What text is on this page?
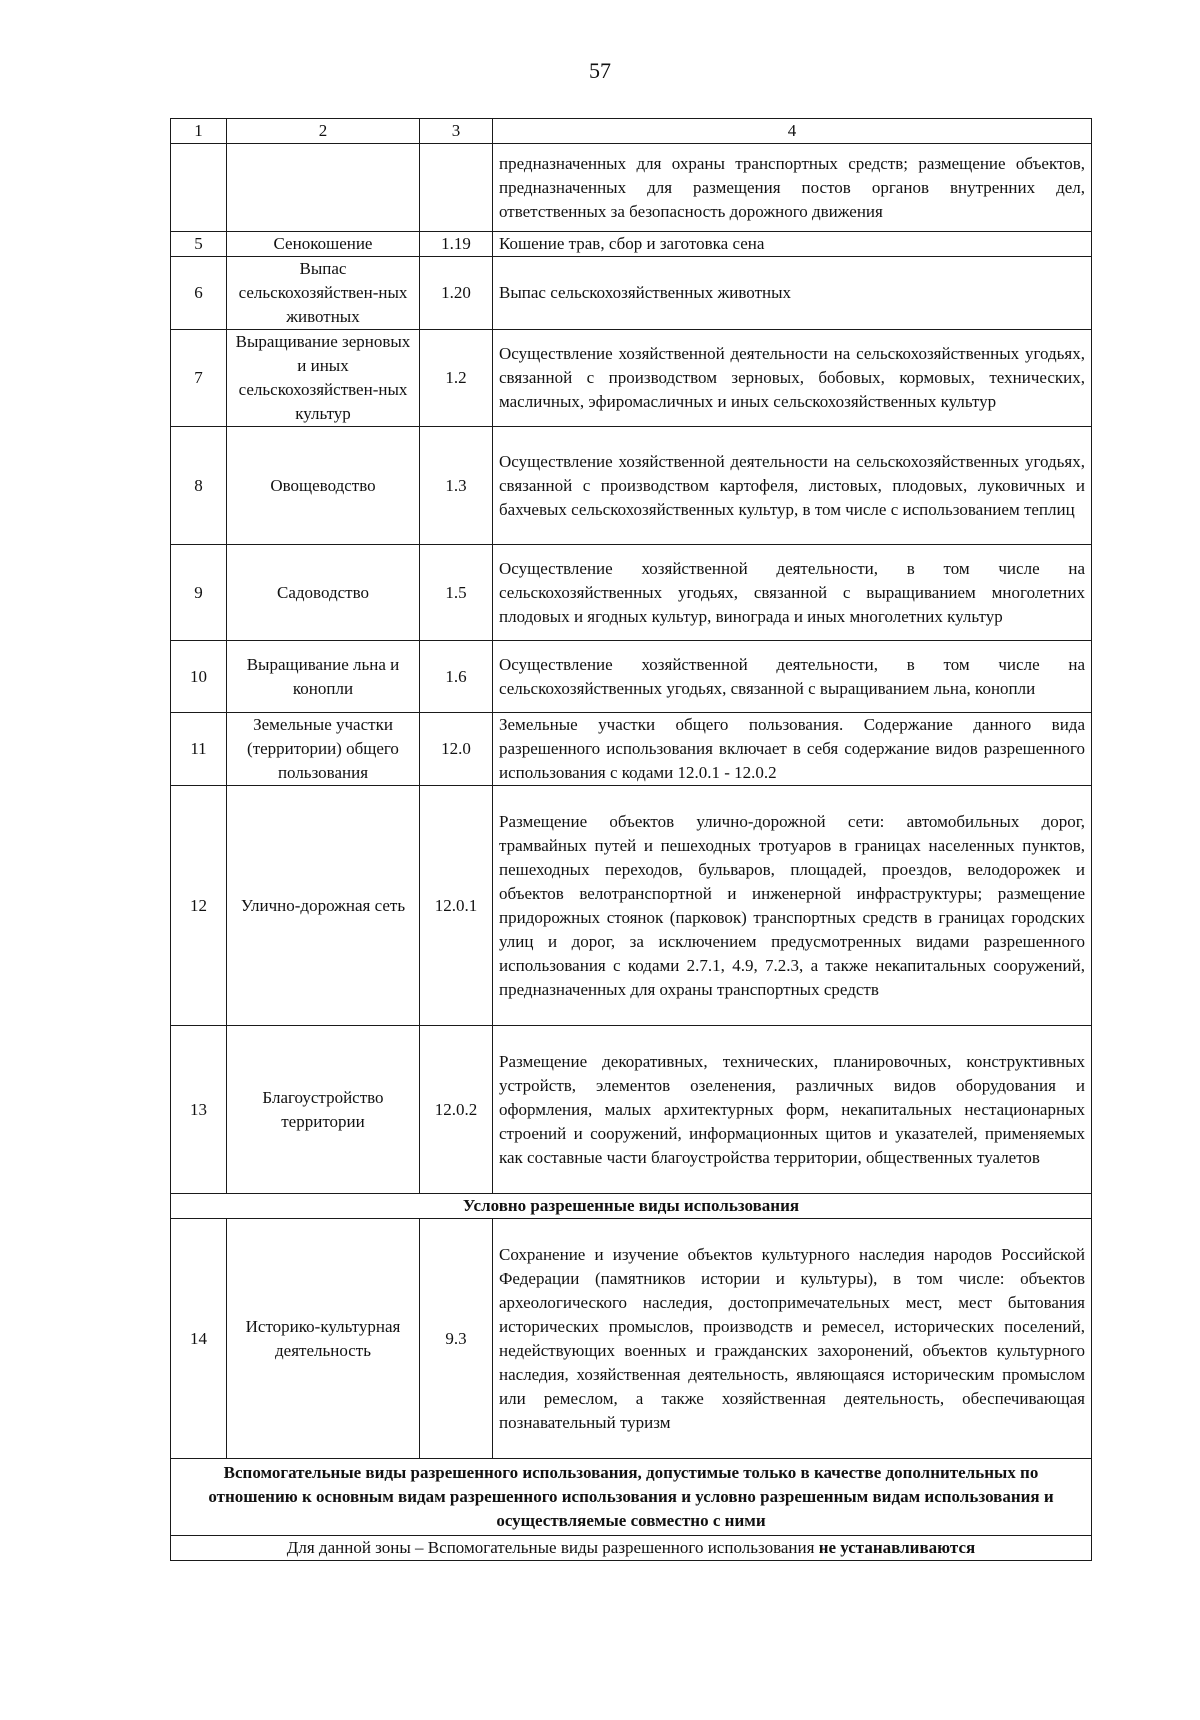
57
1	2	3	4
			предназначенных для охраны транспортных средств; размещение объектов, предназначенных для размещения постов органов внутренних дел, ответственных за безопасность дорожного движения
5	Сенокошение	1.19	Кошение трав, сбор и заготовка сена
6	Выпас сельскохозяйствен-ных животных	1.20	Выпас сельскохозяйственных животных
7	Выращивание зерновых и иных сельскохозяйствен-ных культур	1.2	Осуществление хозяйственной деятельности на сельскохозяйственных угодьях, связанной с производством зерновых, бобовых, кормовых, технических, масличных, эфиромасличных и иных сельскохозяйственных культур
8	Овощеводство	1.3	Осуществление хозяйственной деятельности на сельскохозяйственных угодьях, связанной с производством картофеля, листовых, плодовых, луковичных и бахчевых сельскохозяйственных культур, в том числе с использованием теплиц
9	Садоводство	1.5	Осуществление хозяйственной деятельности, в том числе на сельскохозяйственных угодьях, связанной с выращиванием многолетних плодовых и ягодных культур, винограда и иных многолетних культур
10	Выращивание льна и конопли	1.6	Осуществление хозяйственной деятельности, в том числе на сельскохозяйственных угодьях, связанной с выращиванием льна, конопли
11	Земельные участки (территории) общего пользования	12.0	Земельные участки общего пользования. Содержание данного вида разрешенного использования включает в себя содержание видов разрешенного использования с кодами 12.0.1 - 12.0.2
12	Улично-дорожная сеть	12.0.1	Размещение объектов улично-дорожной сети: автомобильных дорог, трамвайных путей и пешеходных тротуаров в границах населенных пунктов, пешеходных переходов, бульваров, площадей, проездов, велодорожек и объектов велотранспортной и инженерной инфраструктуры; размещение придорожных стоянок (парковок) транспортных средств в границах городских улиц и дорог, за исключением предусмотренных видами разрешенного использования с кодами 2.7.1, 4.9, 7.2.3, а также некапитальных сооружений, предназначенных для охраны транспортных средств
13	Благоустройство территории	12.0.2	Размещение декоративных, технических, планировочных, конструктивных устройств, элементов озеленения, различных видов оборудования и оформления, малых архитектурных форм, некапитальных нестационарных строений и сооружений, информационных щитов и указателей, применяемых как составные части благоустройства территории, общественных туалетов
Условно разрешенные виды использования			
14	Историко-культурная деятельность	9.3	Сохранение и изучение объектов культурного наследия народов Российской Федерации (памятников истории и культуры), в том числе: объектов археологического наследия, достопримечательных мест, мест бытования исторических промыслов, производств и ремесел, исторических поселений, недействующих военных и гражданских захоронений, объектов культурного наследия, хозяйственная деятельность, являющаяся историческим промыслом или ремеслом, а также хозяйственная деятельность, обеспечивающая познавательный туризм
Вспомогательные виды разрешенного использования, допустимые только в качестве дополнительных по отношению к основным видам разрешенного использования и условно разрешенным видам использования и осуществляемые совместно с ними			
Для данной зоны – Вспомогательные виды разрешенного использования не устанавливаются			
